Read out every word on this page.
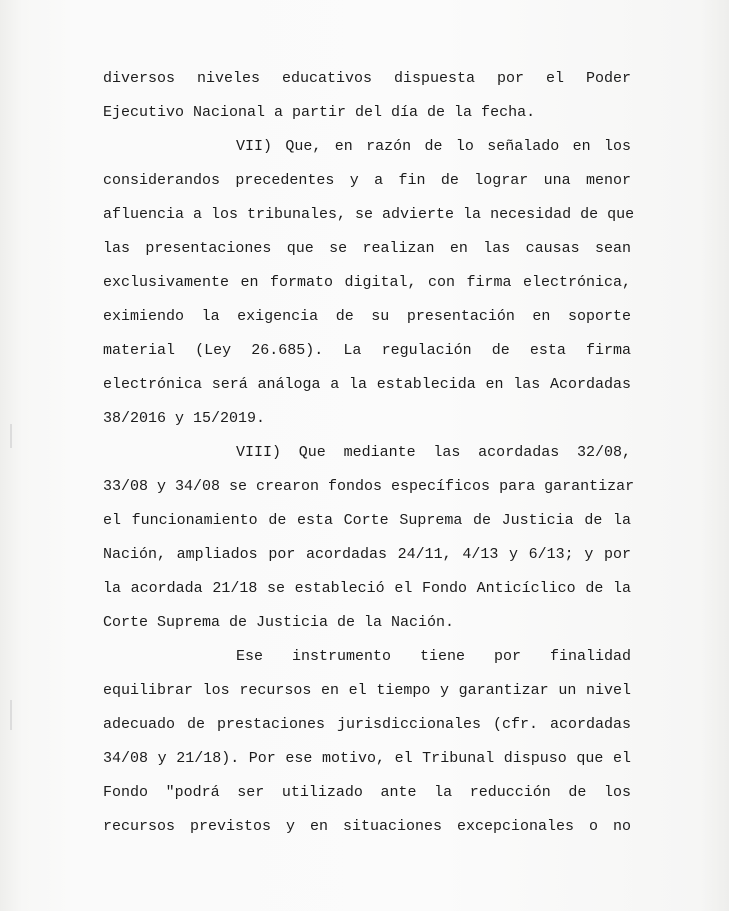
diversos niveles educativos dispuesta por el Poder
Ejecutivo Nacional a partir del día de la fecha.
VII) Que, en razón de lo señalado en los
considerandos precedentes y a fin de lograr una menor
afluencia a los tribunales, se advierte la necesidad de que
las presentaciones que se realizan en las causas sean
exclusivamente en formato digital, con firma electrónica,
eximiendo la exigencia de su presentación en soporte
material (Ley 26.685). La regulación de esta firma
electrónica será análoga a la establecida en las Acordadas
38/2016 y 15/2019.
VIII) Que mediante las acordadas 32/08,
33/08 y 34/08 se crearon fondos específicos para garantizar
el funcionamiento de esta Corte Suprema de Justicia de la
Nación, ampliados por acordadas 24/11, 4/13 y 6/13; y por
la acordada 21/18 se estableció el Fondo Anticíclico de la
Corte Suprema de Justicia de la Nación.
Ese instrumento tiene por finalidad
equilibrar los recursos en el tiempo y garantizar un nivel
adecuado de prestaciones jurisdiccionales (cfr. acordadas
34/08 y 21/18). Por ese motivo, el Tribunal dispuso que el
Fondo "podrá ser utilizado ante la reducción de los
recursos previstos y en situaciones excepcionales o no
